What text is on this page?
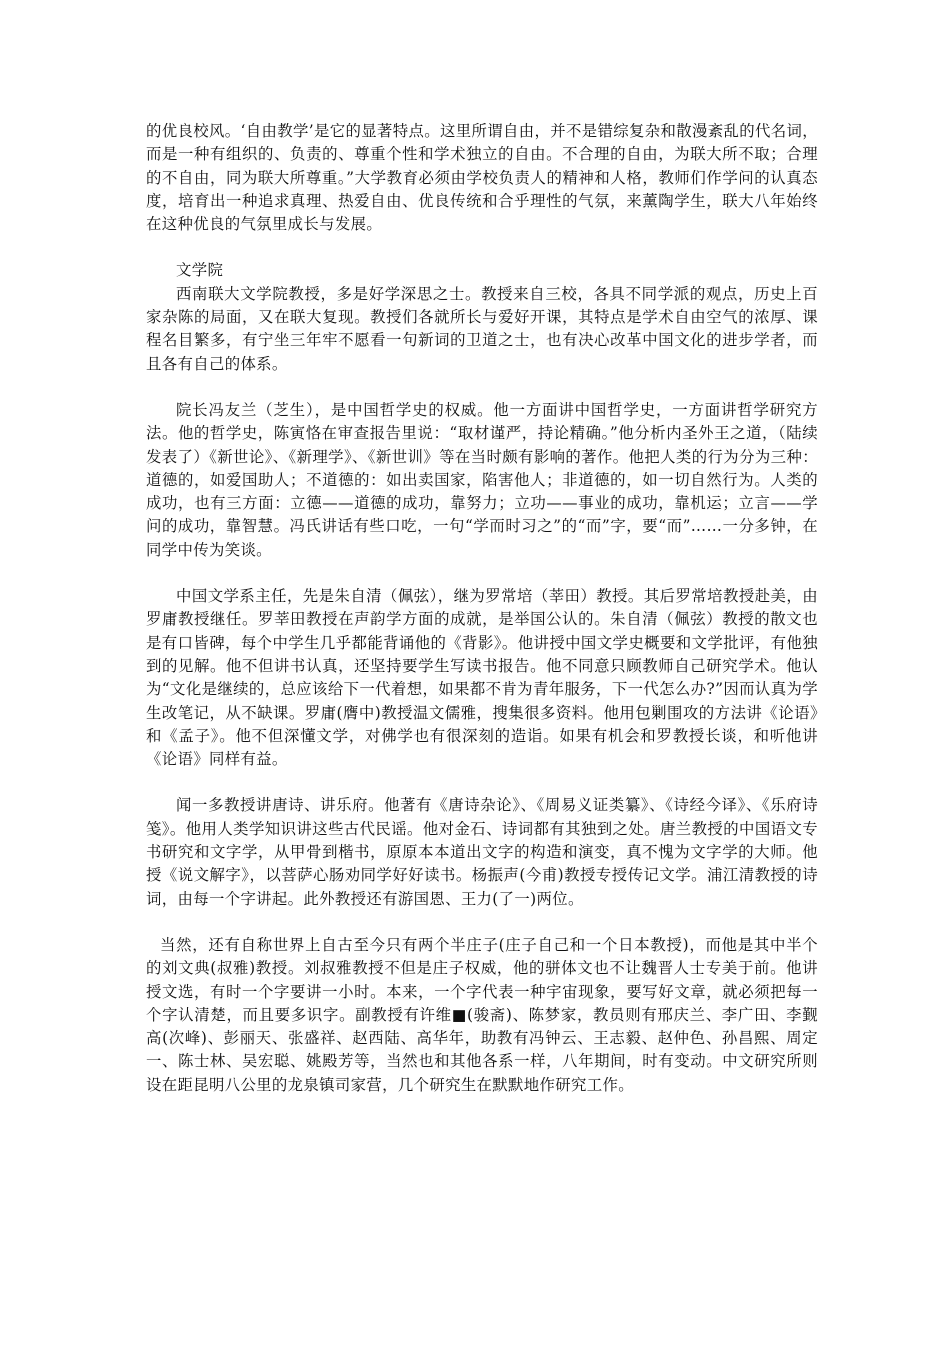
的优良校风。‘自由教学’是它的显著特点。这里所谓自由，并不是错综复杂和散漫紊乱的代名词，而是一种有组织的、负责的、尊重个性和学术独立的自由。不合理的自由，为联大所不取；合理的不自由，同为联大所尊重。”大学教育必须由学校负责人的精神和人格，教师们作学问的认真态度，培育出一种追求真理、热爱自由、优良传统和合乎理性的气氛，来薰陶学生，联大八年始终在这种优良的气氛里成长与发展。

文学院

西南联大文学院教授，多是好学深思之士。教授来自三校，各具不同学派的观点，历史上百家杂陈的局面，又在联大复现。教授们各就所长与爱好开课，其特点是学术自由空气的浓厚、课程名目繁多，有宁坐三年牢不愿看一句新词的卫道之士，也有决心改革中国文化的进步学者，而且各有自己的体系。

院长冯友兰（芝生），是中国哲学史的权威。他一方面讲中国哲学史，一方面讲哲学研究方法。他的哲学史，陈寅恪在审查报告里说：“取材谨严，持论精确。”他分析内圣外王之道，（陆续发表了）《新世论》、《新理学》、《新世训》等在当时颇有影响的著作。他把人类的行为分为三种：道德的，如爱国助人；不道德的：如出卖国家，陷害他人；非道德的，如一切自然行为。人类的成功，也有三方面：立德——道德的成功，靠努力；立功——事业的成功，靠机运；立言——学问的成功，靠智慧。冯氏讲话有些口吃，一句“学而时习之”的“而”字，要“而”……一分多钟，在同学中传为笑谈。

中国文学系主任，先是朱自清（佩弦），继为罗常培（莘田）教授。其后罗常培教授赴美，由罗庸教授继任。罗莘田教授在声韵学方面的成就，是举国公认的。朱自清（佩弦）教授的散文也是有口皆碑，每个中学生几乎都能背诵他的《背影》。他讲授中国文学史概要和文学批评，有他独到的见解。他不但讲书认真，还坚持要学生写读书报告。他不同意只顾教师自己研究学术。他认为“文化是继续的，总应该给下一代着想，如果都不肯为青年服务，下一代怎么办?”因而认真为学生改笔记，从不缺课。罗庸(膺中)教授温文儒雅，搜集很多资料。他用包剿围攻的方法讲《论语》和《孟子》。他不但深懂文学，对佛学也有很深刻的造诣。如果有机会和罗教授长谈，和听他讲《论语》同样有益。

闻一多教授讲唐诗、讲乐府。他著有《唐诗杂论》、《周易义证类纂》、《诗经今译》、《乐府诗笺》。他用人类学知识讲这些古代民谣。他对金石、诗词都有其独到之处。唐兰教授的中国语文专书研究和文字学，从甲骨到楷书，原原本本道出文字的构造和演变，真不愧为文字学的大师。他授《说文解字》，以菩萨心肠劝同学好好读书。杨振声(今甫)教授专授传记文学。浦江清教授的诗词，由每一个字讲起。此外教授还有游国恩、王力(了一)两位。

当然，还有自称世界上自古至今只有两个半庄子(庄子自己和一个日本教授)，而他是其中半个的刘文典(叔雅)教授。刘叔雅教授不但是庄子权威，他的骈体文也不让魏晋人士专美于前。他讲授文选，有时一个字要讲一小时。本来，一个字代表一种宇宙现象，要写好文章，就必须把每一个字认清楚，而且要多识字。副教授有许维■(骏斋)、陈梦家，教员则有邢庆兰、李广田、李觐高(次峰)、彭丽天、张盛祥、赵西陆、高华年，助教有冯钟云、王志毅、赵仲色、孙昌熙、周定一、陈士林、吴宏聪、姚殿芳等，当然也和其他各系一样，八年期间，时有变动。中文研究所则设在距昆明八公里的龙泉镇司家营，几个研究生在默默地作研究工作。
